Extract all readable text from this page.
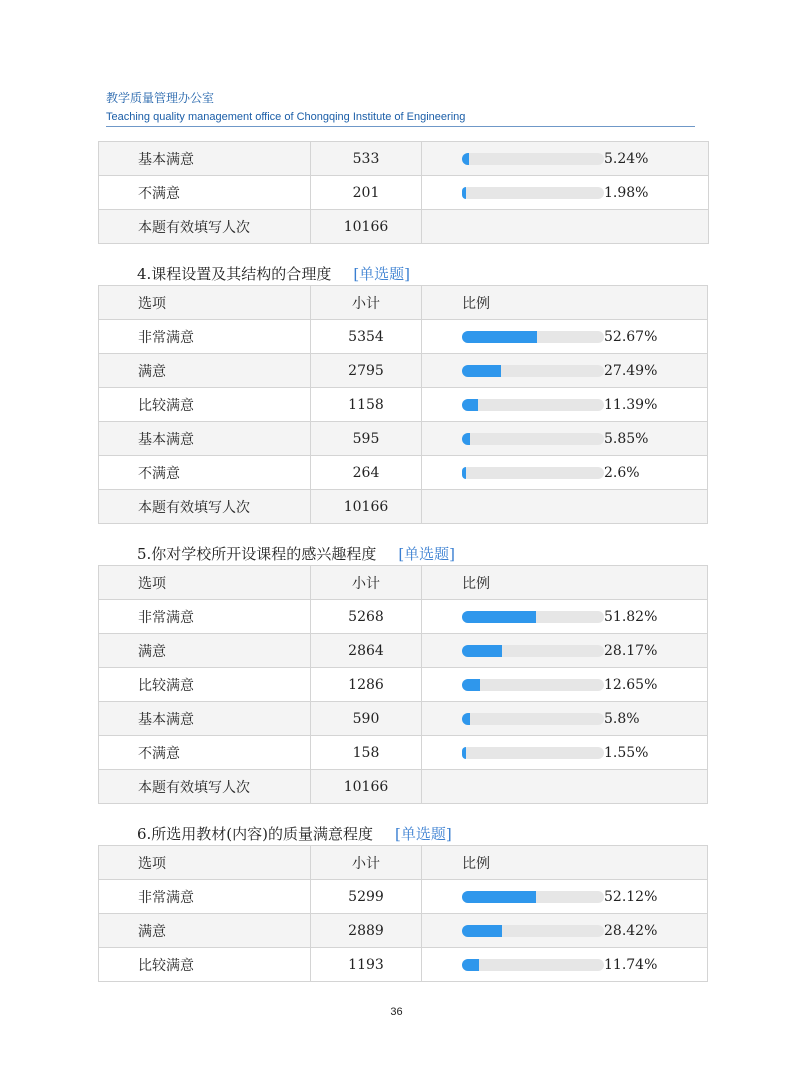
教学质量管理办公室
Teaching quality management office of Chongqing Institute of Engineering
基本满意	533	5.24%

不满意	201	1.98%

本题有效填写人次	10166	
4.课程设置及其结构的合理度 [单选题]
选项	小计	比例
非常满意	5354	52.67%

满意	2795	27.49%

比较满意	1158	11.39%

基本满意	595	5.85%

不满意	264	2.6%

本题有效填写人次	10166	
5.你对学校所开设课程的感兴趣程度 [单选题]
选项	小计	比例
非常满意	5268	51.82%

满意	2864	28.17%

比较满意	1286	12.65%

基本满意	590	5.8%

不满意	158	1.55%

本题有效填写人次	10166	
6.所选用教材(内容)的质量满意程度 [单选题]
选项	小计	比例
非常满意	5299	52.12%

满意	2889	28.42%

比较满意	1193	11.74%
36
